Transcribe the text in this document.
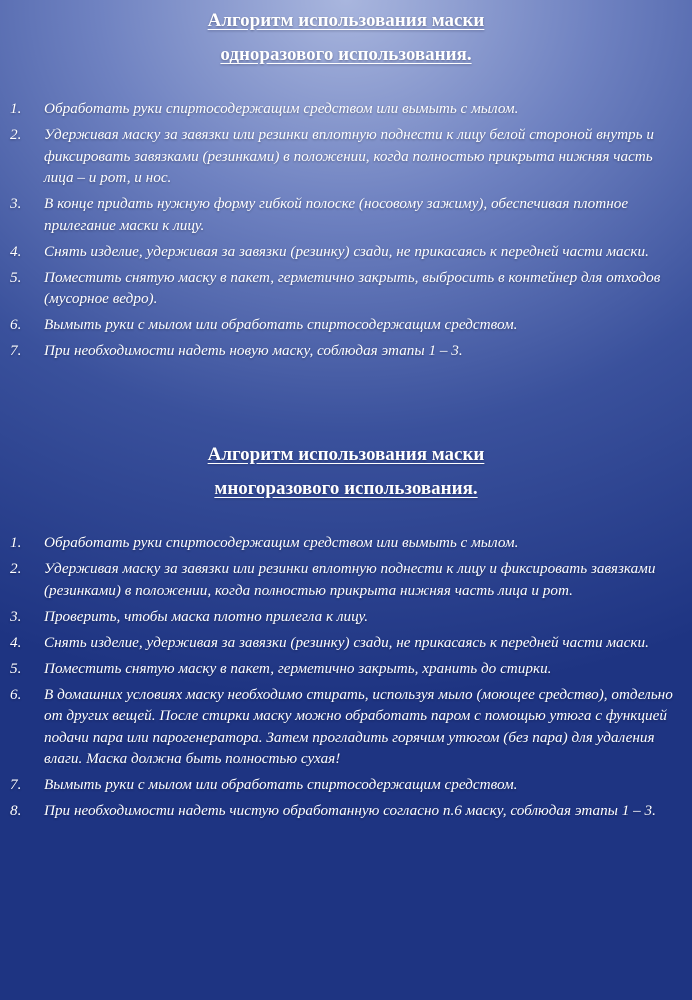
Алгоритм использования маски

одноразового использования.

1. Обработать руки спиртосодержащим средством или вымыть с мылом.
2. Удерживая маску за завязки или резинки вплотную поднести к лицу белой стороной внутрь и фиксировать завязками (резинками) в положении, когда полностью прикрыта нижняя часть лица – и рот, и нос.
3. В конце придать нужную форму гибкой полоске (носовому зажиму), обеспечивая плотное прилегание маски к лицу.
4. Снять изделие, удерживая за завязки (резинку) сзади, не прикасаясь к передней части маски.
5. Поместить снятую маску в пакет, герметично закрыть, выбросить в контейнер для отходов (мусорное ведро).
6. Вымыть руки с мылом или обработать спиртосодержащим средством.
7. При необходимости надеть новую маску, соблюдая этапы 1 – 3.

Алгоритм использования маски

многоразового использования.

1. Обработать руки спиртосодержащим средством или вымыть с мылом.
2. Удерживая маску за завязки или резинки вплотную поднести к лицу и фиксировать завязками (резинками) в положении, когда полностью прикрыта нижняя часть лица и рот.
3. Проверить, чтобы маска плотно прилегла к лицу.
4. Снять изделие, удерживая за завязки (резинку) сзади, не прикасаясь к передней части маски.
5. Поместить снятую маску в пакет, герметично закрыть, хранить до стирки.
6. В домашних условиях маску необходимо стирать, используя мыло (моющее средство), отдельно от других вещей. После стирки маску можно обработать паром с помощью утюга с функцией подачи пара или парогенератора. Затем прогладить горячим утюгом (без пара) для удаления влаги. Маска должна быть полностью сухая!
7. Вымыть руки с мылом или обработать спиртосодержащим средством.
8. При необходимости надеть чистую обработанную согласно п.6 маску, соблюдая этапы 1 – 3.
